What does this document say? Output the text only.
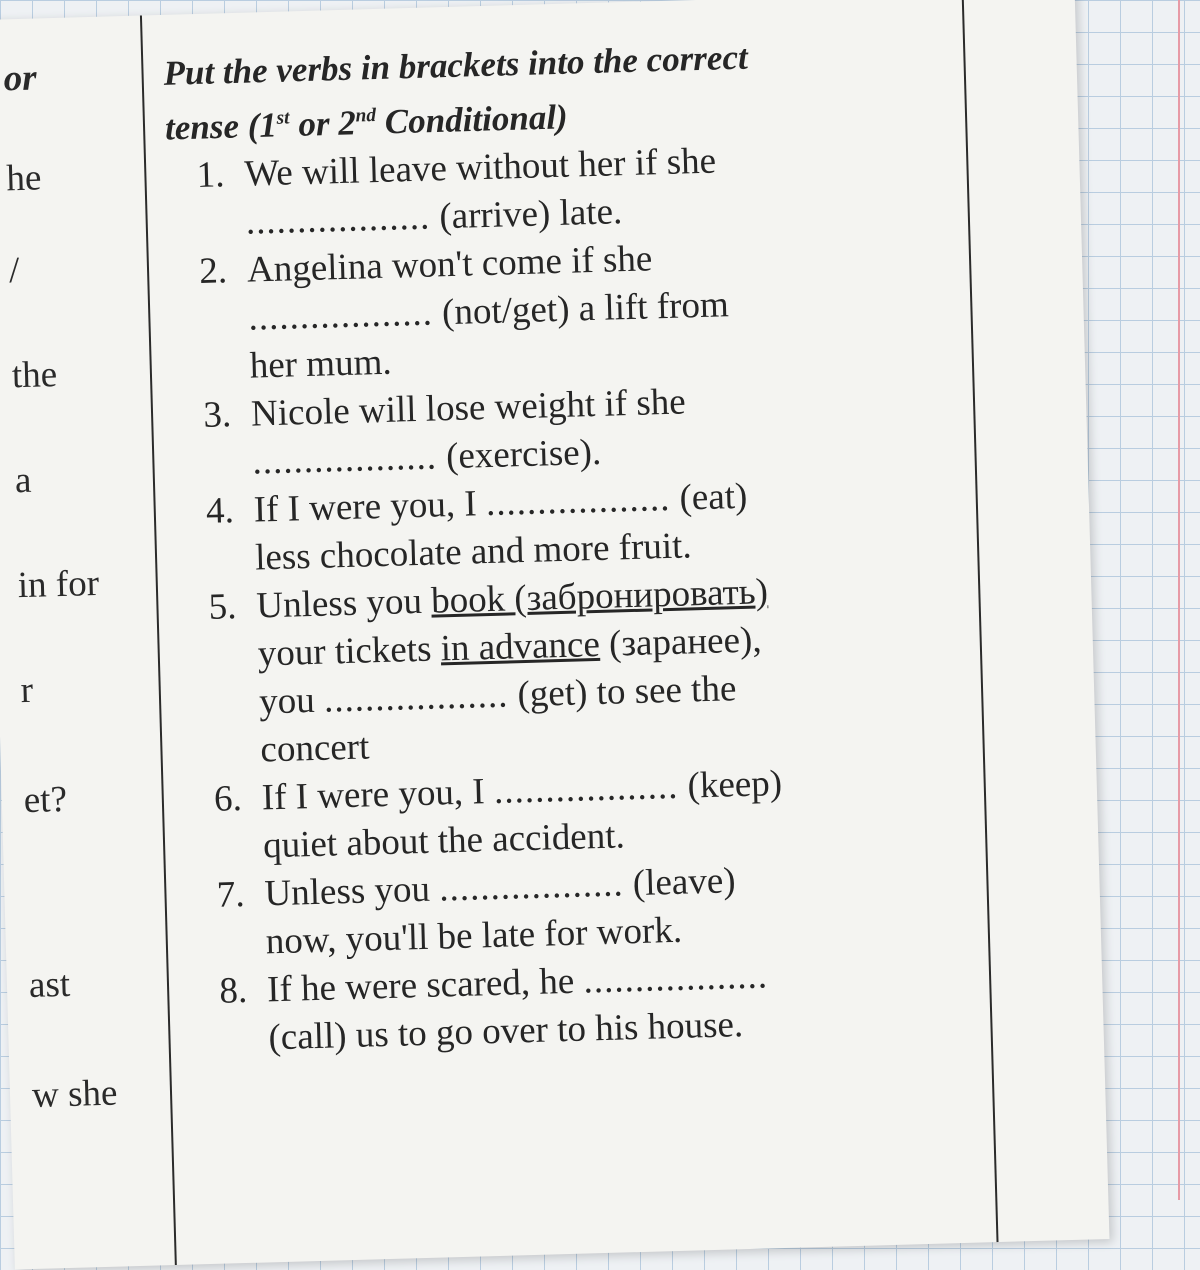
or
he
/
the
a
in for
r
et?
ast
w she
Put the verbs in brackets into the correct
tense (1st or 2nd Conditional)
1. We will leave without her if she
.................. (arrive) late.
2. Angelina won't come if she
.................. (not/get) a lift from
her mum.
3. Nicole will lose weight if she
.................. (exercise).
4. If I were you, I .................. (eat)
less chocolate and more fruit.
5. Unless you book (забронировать)
your tickets in advance (заранее),
you .................. (get) to see the
concert
6. If I were you, I .................. (keep)
quiet about the accident.
7. Unless you .................. (leave)
now, you'll be late for work.
8. If he were scared, he ..................
(call) us to go over to his house.
